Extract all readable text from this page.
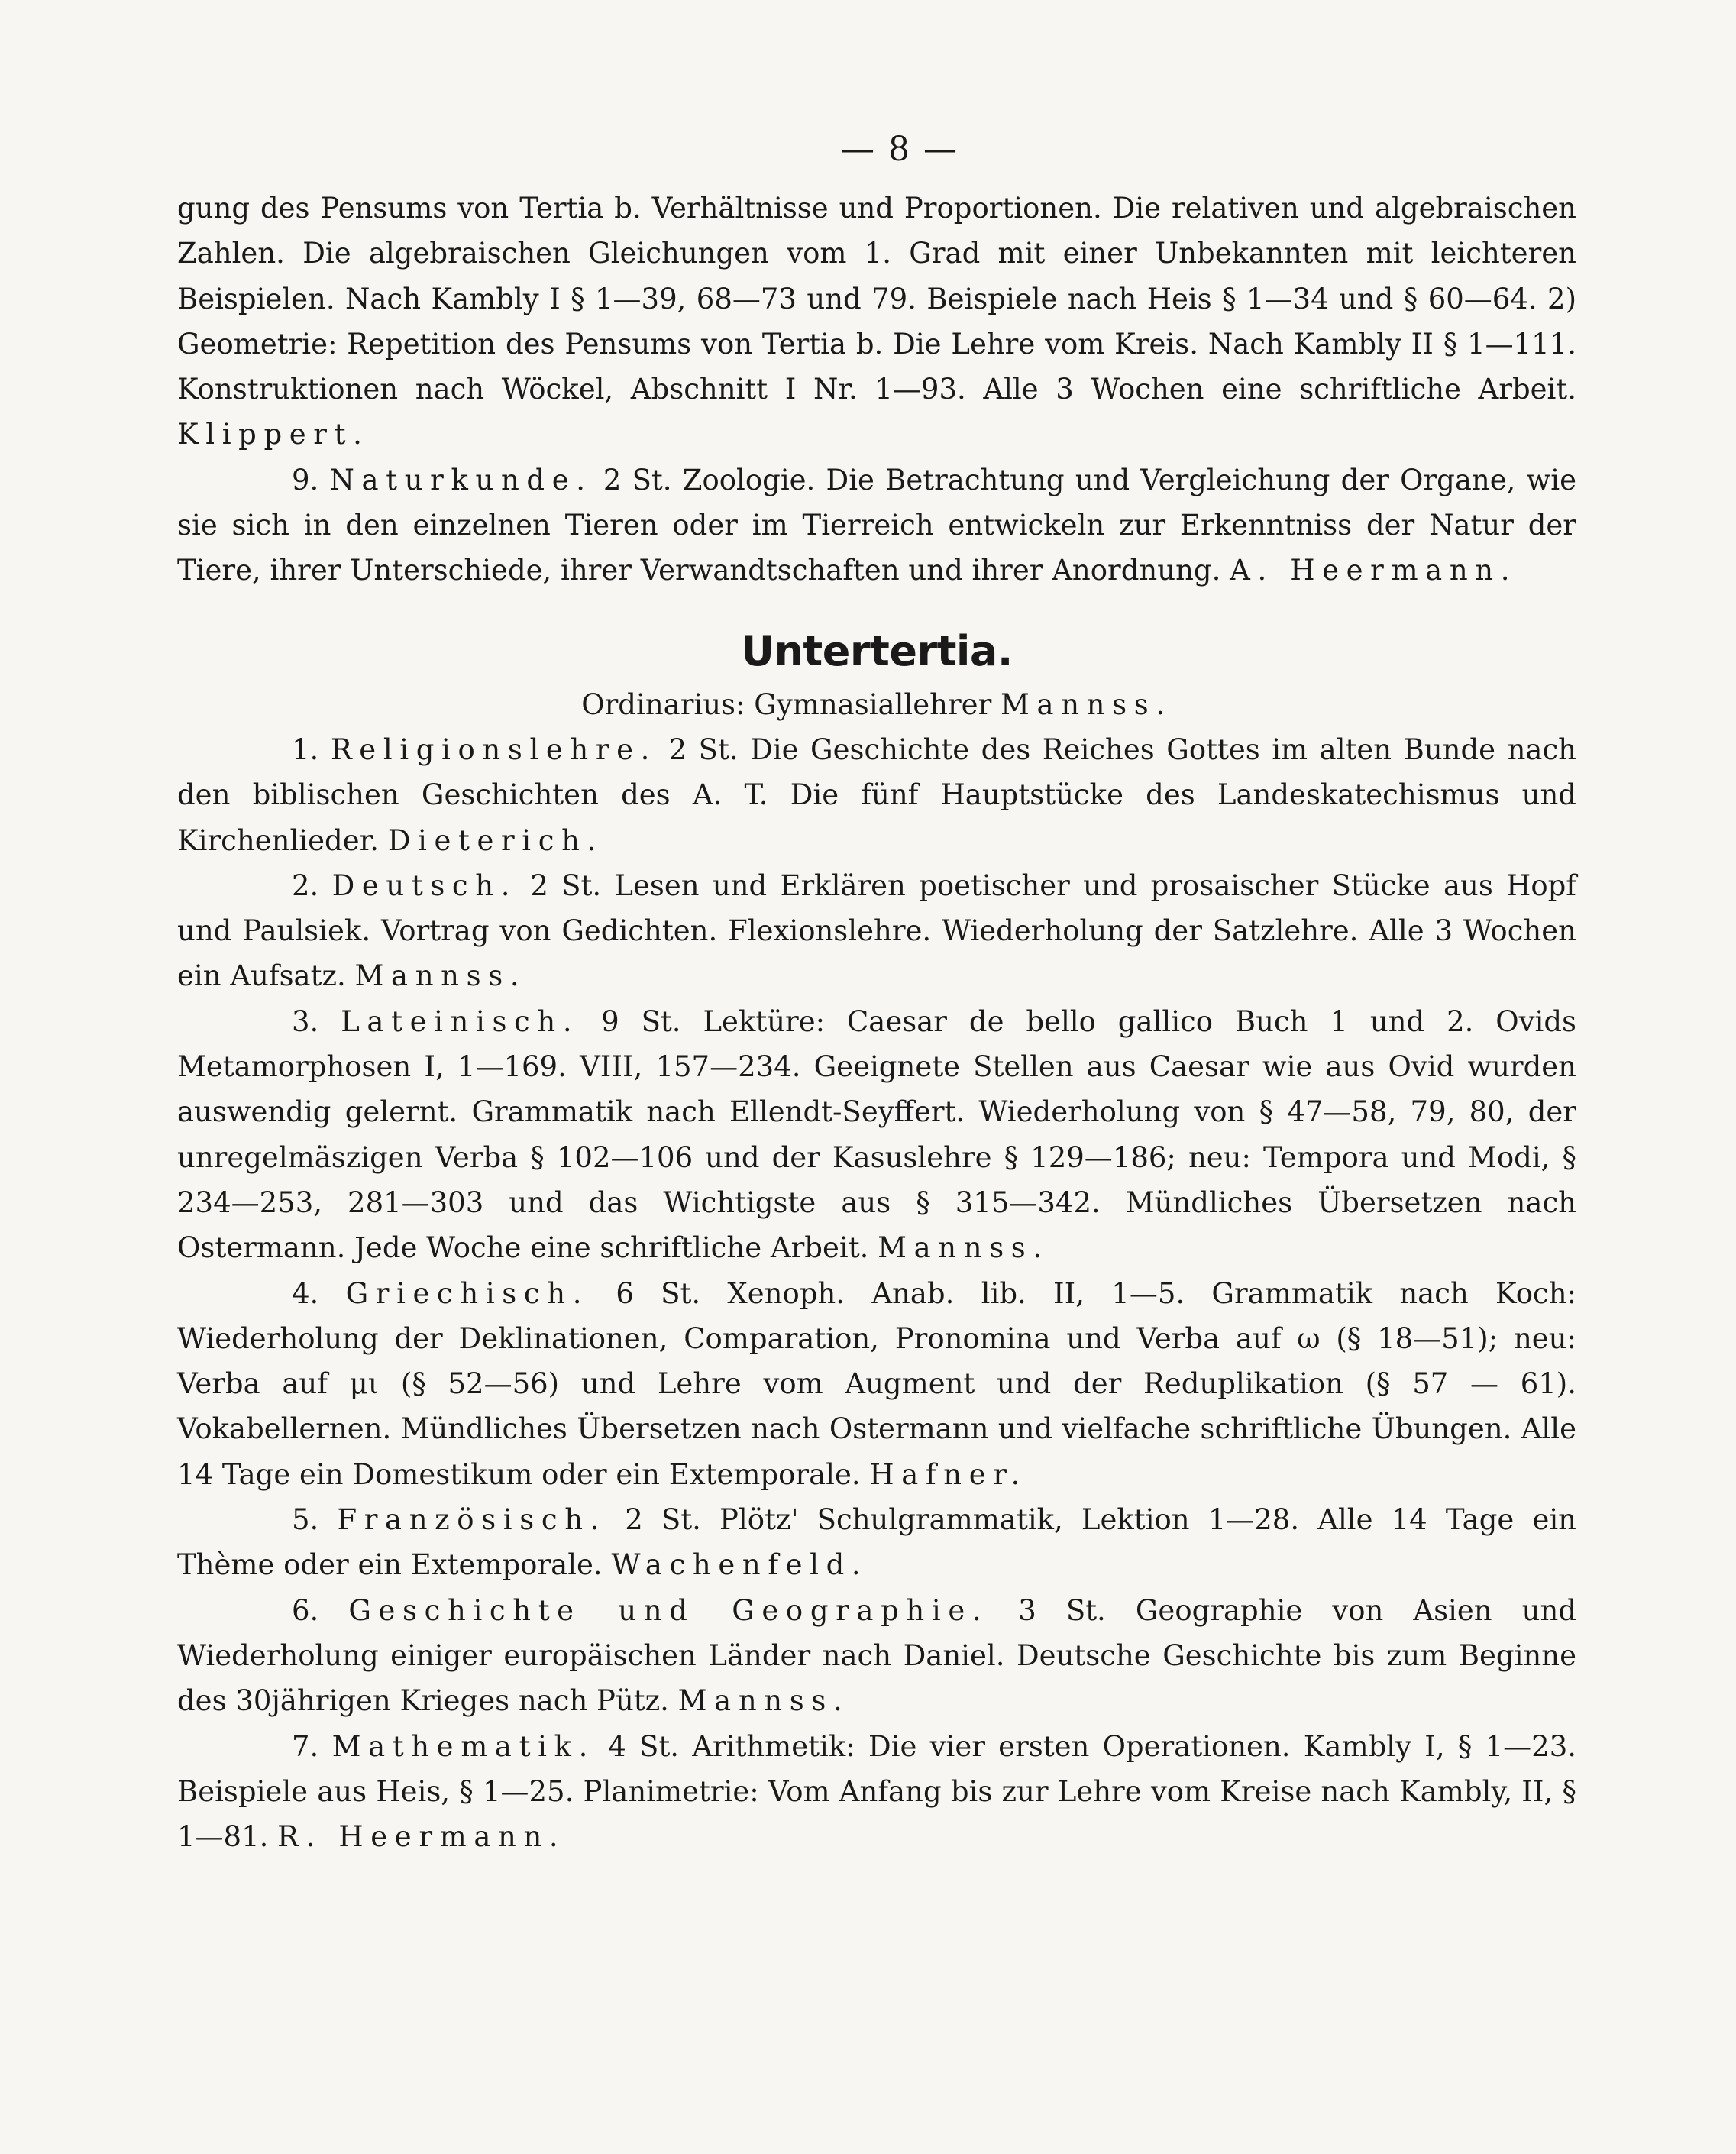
— 8 —

gung des Pensums von Tertia b. Verhältnisse und Proportionen. Die relativen und algebraischen Zahlen. Die algebraischen Gleichungen vom 1. Grad mit einer Unbekannten mit leichteren Beispielen. Nach Kambly I § 1—39, 68—73 und 79. Beispiele nach Heis § 1—34 und § 60—64. 2) Geometrie: Repetition des Pensums von Tertia b. Die Lehre vom Kreis. Nach Kambly II § 1—111. Konstruktionen nach Wöckel, Abschnitt I Nr. 1—93. Alle 3 Wochen eine schriftliche Arbeit. Klippert.

9. Naturkunde. 2 St. Zoologie. Die Betrachtung und Vergleichung der Organe, wie sie sich in den einzelnen Tieren oder im Tierreich entwickeln zur Erkenntniss der Natur der Tiere, ihrer Unterschiede, ihrer Verwandtschaften und ihrer Anordnung. A. Heermann.

Untertertia.
Ordinarius: Gymnasiallehrer Mannss.

1. Religionslehre. 2 St. Die Geschichte des Reiches Gottes im alten Bunde nach den biblischen Geschichten des A. T. Die fünf Hauptstücke des Landeskatechismus und Kirchenlieder. Dieterich.

2. Deutsch. 2 St. Lesen und Erklären poetischer und prosaischer Stücke aus Hopf und Paulsiek. Vortrag von Gedichten. Flexionslehre. Wiederholung der Satzlehre. Alle 3 Wochen ein Aufsatz. Mannss.

3. Lateinisch. 9 St. Lektüre: Caesar de bello gallico Buch 1 und 2. Ovids Metamorphosen I, 1—169. VIII, 157—234. Geeignete Stellen aus Caesar wie aus Ovid wurden auswendig gelernt. Grammatik nach Ellendt-Seyffert. Wiederholung von § 47—58, 79, 80, der unregelmäszigen Verba § 102—106 und der Kasuslehre § 129—186; neu: Tempora und Modi, § 234—253, 281—303 und das Wichtigste aus § 315—342. Mündliches Übersetzen nach Ostermann. Jede Woche eine schriftliche Arbeit. Mannss.

4. Griechisch. 6 St. Xenoph. Anab. lib. II, 1—5. Grammatik nach Koch: Wiederholung der Deklinationen, Comparation, Pronomina und Verba auf ω (§ 18—51); neu: Verba auf μι (§ 52—56) und Lehre vom Augment und der Reduplikation (§ 57 — 61). Vokabellernen. Mündliches Übersetzen nach Ostermann und vielfache schriftliche Übungen. Alle 14 Tage ein Domestikum oder ein Extemporale. Hafner.

5. Französisch. 2 St. Plötz' Schulgrammatik, Lektion 1—28. Alle 14 Tage ein Thème oder ein Extemporale. Wachenfeld.

6. Geschichte und Geographie. 3 St. Geographie von Asien und Wiederholung einiger europäischen Länder nach Daniel. Deutsche Geschichte bis zum Beginne des 30jährigen Krieges nach Pütz. Mannss.

7. Mathematik. 4 St. Arithmetik: Die vier ersten Operationen. Kambly I, § 1—23. Beispiele aus Heis, § 1—25. Planimetrie: Vom Anfang bis zur Lehre vom Kreise nach Kambly, II, § 1—81. R. Heermann.
